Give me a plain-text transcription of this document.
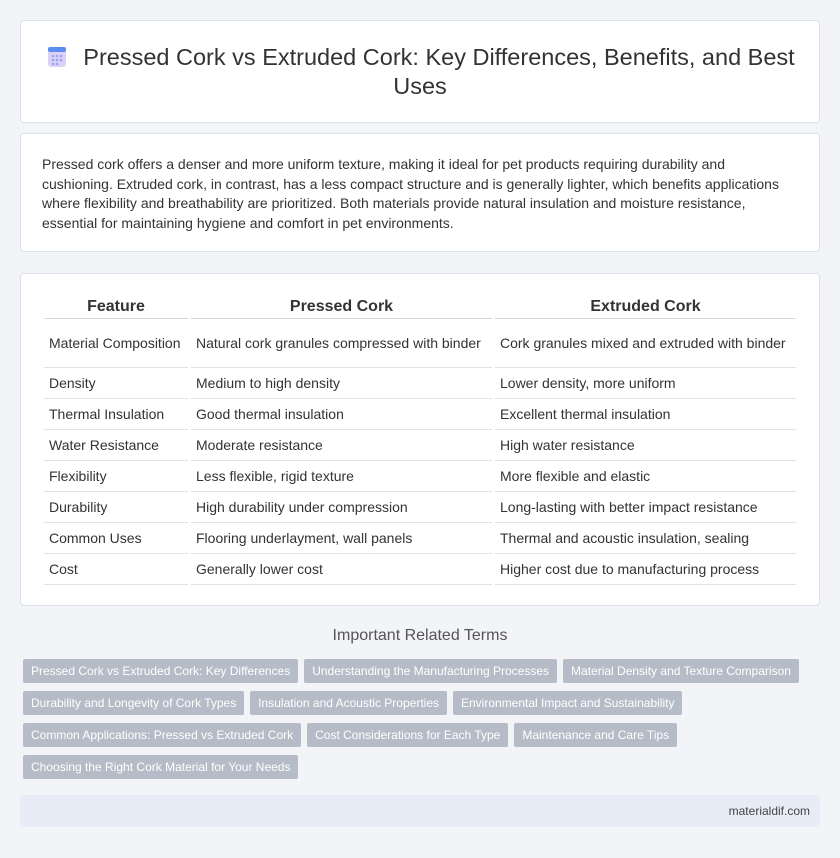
Pressed Cork vs Extruded Cork: Key Differences, Benefits, and Best Uses

Pressed cork offers a denser and more uniform texture, making it ideal for pet products requiring durability and cushioning. Extruded cork, in contrast, has a less compact structure and is generally lighter, which benefits applications where flexibility and breathability are prioritized. Both materials provide natural insulation and moisture resistance, essential for maintaining hygiene and comfort in pet environments.

Feature	Pressed Cork	Extruded Cork
Material Composition	Natural cork granules compressed with binder	Cork granules mixed and extruded with binder
Density	Medium to high density	Lower density, more uniform
Thermal Insulation	Good thermal insulation	Excellent thermal insulation
Water Resistance	Moderate resistance	High water resistance
Flexibility	Less flexible, rigid texture	More flexible and elastic
Durability	High durability under compression	Long-lasting with better impact resistance
Common Uses	Flooring underlayment, wall panels	Thermal and acoustic insulation, sealing
Cost	Generally lower cost	Higher cost due to manufacturing process
Important Related Terms
Pressed Cork vs Extruded Cork: Key Differences	Understanding the Manufacturing Processes	Material Density and Texture Comparison
Durability and Longevity of Cork Types	Insulation and Acoustic Properties	Environmental Impact and Sustainability
Common Applications: Pressed vs Extruded Cork	Cost Considerations for Each Type	Maintenance and Care Tips
Choosing the Right Cork Material for Your Needs
materialdif.com
